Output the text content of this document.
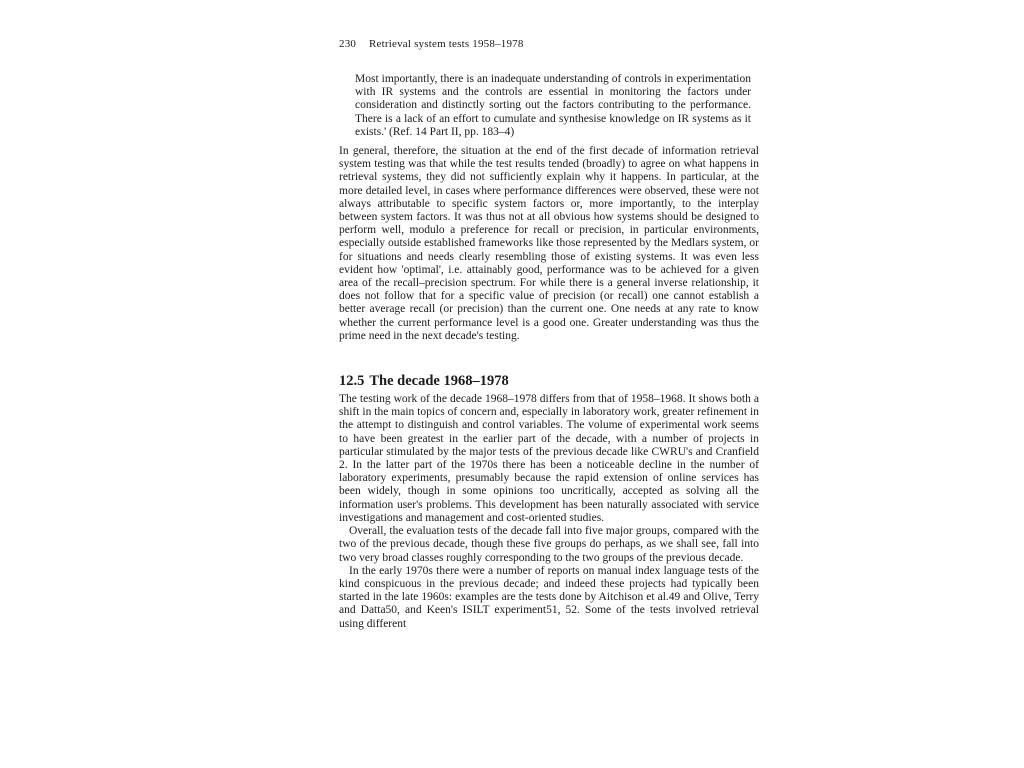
230 Retrieval system tests 1958–1978
Most importantly, there is an inadequate understanding of controls in experimentation with IR systems and the controls are essential in monitoring the factors under consideration and distinctly sorting out the factors contributing to the performance. There is a lack of an effort to cumulate and synthesise knowledge on IR systems as it exists.' (Ref. 14 Part II, pp. 183–4)

In general, therefore, the situation at the end of the first decade of information retrieval system testing was that while the test results tended (broadly) to agree on what happens in retrieval systems, they did not sufficiently explain why it happens. In particular, at the more detailed level, in cases where performance differences were observed, these were not always attributable to specific system factors or, more importantly, to the interplay between system factors. It was thus not at all obvious how systems should be designed to perform well, modulo a preference for recall or precision, in particular environments, especially outside established frameworks like those represented by the Medlars system, or for situations and needs clearly resembling those of existing systems. It was even less evident how 'optimal', i.e. attainably good, performance was to be achieved for a given area of the recall–precision spectrum. For while there is a general inverse relationship, it does not follow that for a specific value of precision (or recall) one cannot establish a better average recall (or precision) than the current one. One needs at any rate to know whether the current performance level is a good one. Greater understanding was thus the prime need in the next decade's testing.

12.5 The decade 1968–1978

The testing work of the decade 1968–1978 differs from that of 1958–1968. It shows both a shift in the main topics of concern and, especially in laboratory work, greater refinement in the attempt to distinguish and control variables. The volume of experimental work seems to have been greatest in the earlier part of the decade, with a number of projects in particular stimulated by the major tests of the previous decade like CWRU's and Cranfield 2. In the latter part of the 1970s there has been a noticeable decline in the number of laboratory experiments, presumably because the rapid extension of online services has been widely, though in some opinions too uncritically, accepted as solving all the information user's problems. This development has been naturally associated with service investigations and management and cost-oriented studies.

Overall, the evaluation tests of the decade fall into five major groups, compared with the two of the previous decade, though these five groups do perhaps, as we shall see, fall into two very broad classes roughly corresponding to the two groups of the previous decade.

In the early 1970s there were a number of reports on manual index language tests of the kind conspicuous in the previous decade; and indeed these projects had typically been started in the late 1960s: examples are the tests done by Aitchison et al.49 and Olive, Terry and Datta50, and Keen's ISILT experiment51, 52. Some of the tests involved retrieval using different
